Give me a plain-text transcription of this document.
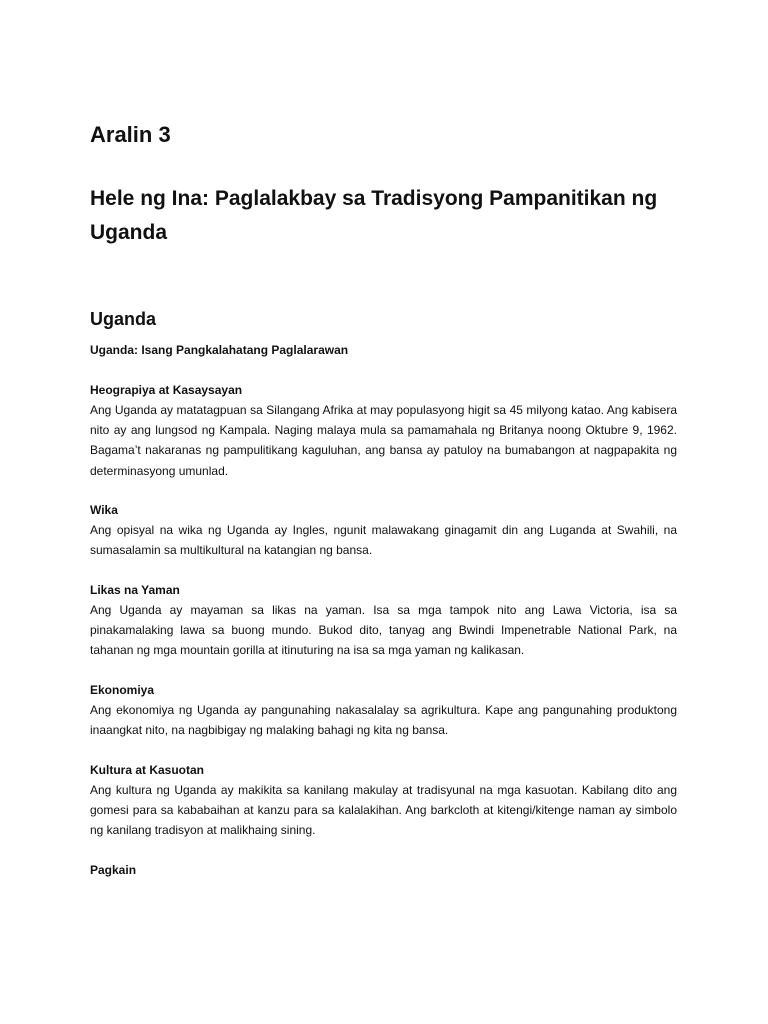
Aralin 3
Hele ng Ina: Paglalakbay sa Tradisyong Pampanitikan ng Uganda
Uganda
Uganda: Isang Pangkalahatang Paglalarawan
Heograpiya at Kasaysayan

Ang Uganda ay matatagpuan sa Silangang Afrika at may populasyong higit sa 45 milyong katao. Ang kabisera nito ay ang lungsod ng Kampala. Naging malaya mula sa pamamahala ng Britanya noong Oktubre 9, 1962. Bagama’t nakaranas ng pampulitikang kaguluhan, ang bansa ay patuloy na bumabangon at nagpapakita ng determinasyong umunlad.

Wika

Ang opisyal na wika ng Uganda ay Ingles, ngunit malawakang ginagamit din ang Luganda at Swahili, na sumasalamin sa multikultural na katangian ng bansa.

Likas na Yaman

Ang Uganda ay mayaman sa likas na yaman. Isa sa mga tampok nito ang Lawa Victoria, isa sa pinakamalaking lawa sa buong mundo. Bukod dito, tanyag ang Bwindi Impenetrable National Park, na tahanan ng mga mountain gorilla at itinuturing na isa sa mga yaman ng kalikasan.

Ekonomiya

Ang ekonomiya ng Uganda ay pangunahing nakasalalay sa agrikultura. Kape ang pangunahing produktong inaangkat nito, na nagbibigay ng malaking bahagi ng kita ng bansa.

Kultura at Kasuotan

Ang kultura ng Uganda ay makikita sa kanilang makulay at tradisyunal na mga kasuotan. Kabilang dito ang gomesi para sa kababaihan at kanzu para sa kalalakihan. Ang barkcloth at kitengi/kitenge naman ay simbolo ng kanilang tradisyon at malikhaing sining.

Pagkain
